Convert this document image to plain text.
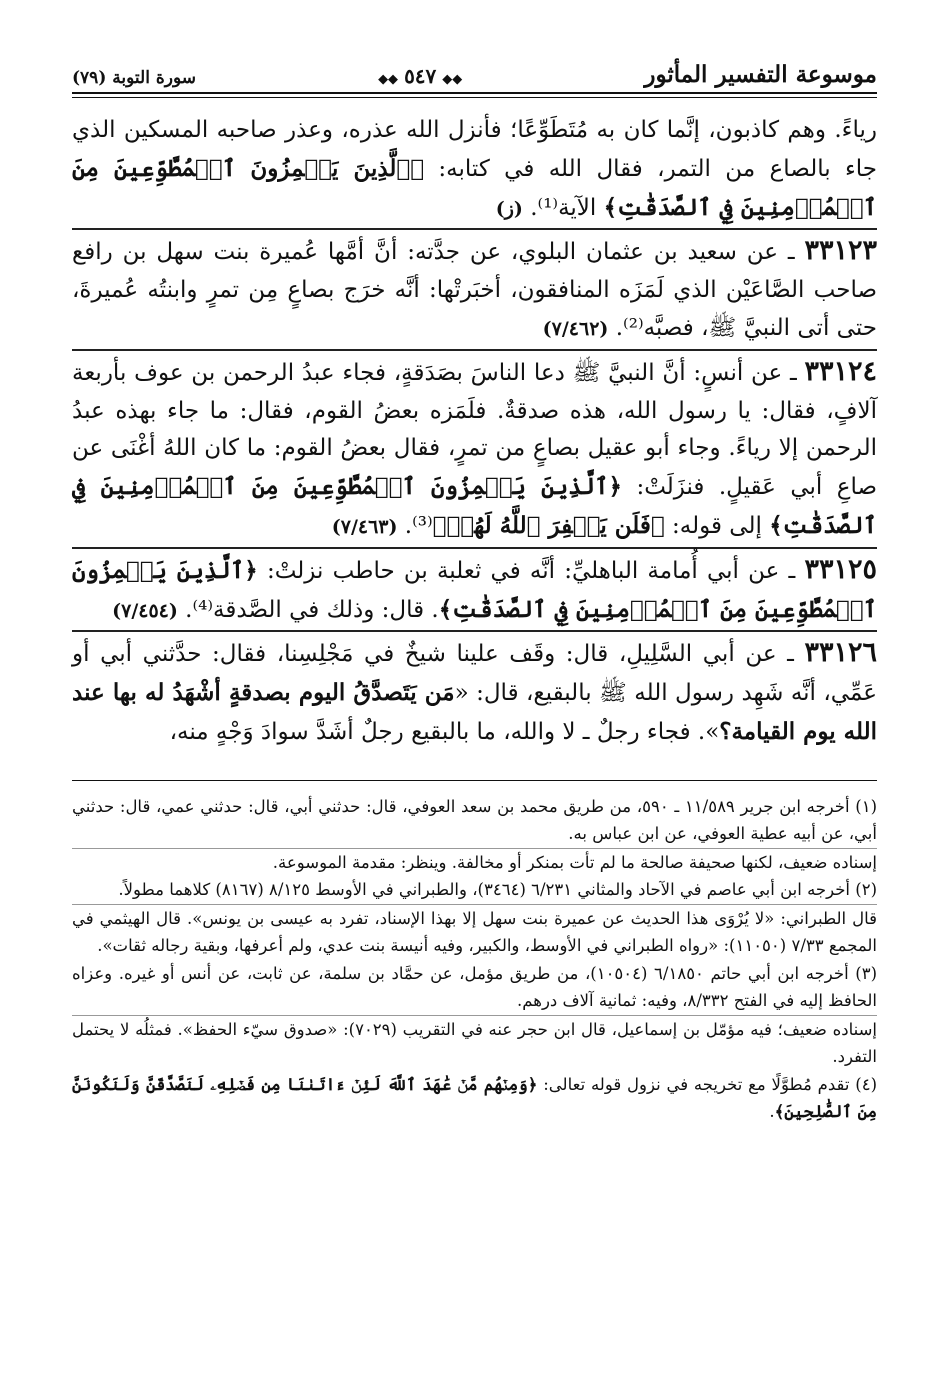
موسوعة التفسير المأثور
◆◆٥٤٧◆◆
سورة التوبة (٧٩)

رياءً. وهم كاذبون، إنَّما كان به مُتَطَوِّعًا؛ فأنزل الله عذره، وعذر صاحبه المسكين الذي جاء بالصاع من التمر، فقال الله في كتابه: ﴿ٱلَّذِينَ يَلۡمِزُونَ ٱلۡمُطَّوِّعِينَ مِنَ ٱلۡمُؤۡمِنِينَ فِي ٱلصَّدَقَٰتِ﴾ الآية⁽¹⁾. (ز)

٣٣١٢٣ ـ عن سعيد بن عثمان البلوي، عن جدَّته: أنَّ أمَّها عُميرة بنت سهل بن رافع صاحب الصَّاعَيْن الذي لَمَزَه المنافقون، أخبَرتْها: أنَّه خرَج بصاعٍ مِن تمرٍ وابنتُه عُميرةَ، حتى أتى النبيَّ ﷺ، فصبَّه⁽²⁾. (٧/٤٦٢)

٣٣١٢٤ ـ عن أنسٍ: أنَّ النبيَّ ﷺ دعا الناسَ بصَدَقةٍ، فجاء عبدُ الرحمن بن عوف بأربعة آلافٍ، فقال: يا رسول الله، هذه صدقةٌ. فلَمَزه بعضُ القوم، فقال: ما جاء بهذه عبدُ الرحمن إلا رياءً. وجاء أبو عقيل بصاعٍ من تمرٍ، فقال بعضُ القوم: ما كان اللهُ أغْنَى عن صاعِ أبي عَقيلٍ. فنزَلَتْ: ﴿ٱلَّذِينَ يَلۡمِزُونَ ٱلۡمُطَّوِّعِينَ مِنَ ٱلۡمُؤۡمِنِينَ فِي ٱلصَّدَقَٰتِ﴾ إلى قوله: ﴿فَلَن يَغۡفِرَ ٱللَّهُ لَهُمۡ﴾⁽³⁾. (٧/٤٦٣)

٣٣١٢٥ ـ عن أبي أُمامة الباهليِّ: أنَّه في ثعلبة بن حاطب نزلتْ: ﴿ٱلَّذِينَ يَلۡمِزُونَ ٱلۡمُطَّوِّعِينَ مِنَ ٱلۡمُؤۡمِنِينَ فِي ٱلصَّدَقَٰتِ﴾. قال: وذلك في الصَّدقة⁽⁴⁾. (٧/٤٥٤)

٣٣١٢٦ ـ عن أبي السَّلِيلِ، قال: وقَف علينا شيخٌ في مَجْلِسِنا، فقال: حدَّثني أبي أو عَمِّي، أنَّه شَهِد رسول الله ﷺ بالبقيع، قال: «مَن يَتَصدَّقُ اليوم بصدقةٍ أشْهَدُ له بها عند الله يوم القيامة؟». فجاء رجلٌ ـ لا والله، ما بالبقيع رجلٌ أشَدَّ سوادَ وَجْهٍ منه،

(١) أخرجه ابن جرير ١١/٥٨٩ ـ ٥٩٠، من طريق محمد بن سعد العوفي، قال: حدثني أبي، قال: حدثني عمي، قال: حدثني أبي، عن أبيه عطية العوفي، عن ابن عباس به.

إسناده ضعيف، لكنها صحيفة صالحة ما لم تأت بمنكر أو مخالفة. وينظر: مقدمة الموسوعة.

(٢) أخرجه ابن أبي عاصم في الآحاد والمثاني ٦/٢٣١ (٣٤٦٤)، والطبراني في الأوسط ٨/١٢٥ (٨١٦٧) كلاهما مطولاً.

قال الطبراني: «لا يُرْوَى هذا الحديث عن عميرة بنت سهل إلا بهذا الإسناد، تفرد به عيسى بن يونس». قال الهيثمي في المجمع ٧/٣٣ (١١٠٥٠): «رواه الطبراني في الأوسط، والكبير، وفيه أنيسة بنت عدي، ولم أعرفها، وبقية رجاله ثقات».

(٣) أخرجه ابن أبي حاتم ٦/١٨٥٠ (١٠٥٠٤)، من طريق مؤمل، عن حمَّاد بن سلمة، عن ثابت، عن أنس أو غيره. وعزاه الحافظ إليه في الفتح ٨/٣٣٢، وفيه: ثمانية آلاف درهم.

إسناده ضعيف؛ فيه مؤمّل بن إسماعيل، قال ابن حجر عنه في التقريب (٧٠٢٩): «صدوق سيّء الحفظ». فمثلُه لا يحتمل التفرد.

(٤) تقدم مُطوَّلًا مع تخريجه في نزول قوله تعالى: ﴿وَمِنۡهُم مَّنۡ عَٰهَدَ ٱللَّهَ لَئِنۡ ءَاتَىٰنَا مِن فَضۡلِهِۦ لَنَصَّدَّقَنَّ وَلَنَكُونَنَّ مِنَ ٱلصَّٰلِحِينَ﴾.
